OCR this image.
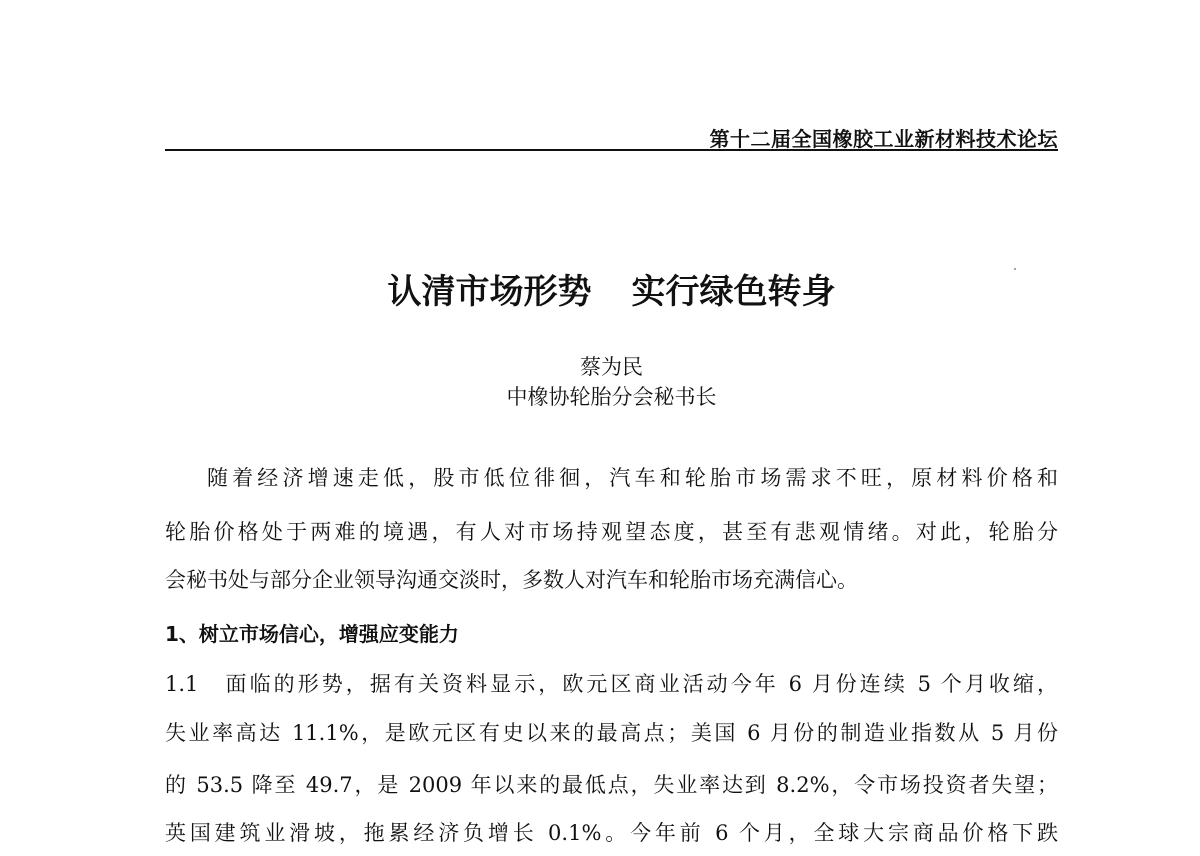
第十二届全国橡胶工业新材料技术论坛
认清市场形势 实行绿色转身
蔡为民
中橡协轮胎分会秘书长
随着经济增速走低，股市低位徘徊，汽车和轮胎市场需求不旺，原材料价格和
轮胎价格处于两难的境遇，有人对市场持观望态度，甚至有悲观情绪。对此，轮胎分
会秘书处与部分企业领导沟通交淡时，多数人对汽车和轮胎市场充满信心。
1、树立市场信心，增强应变能力
1.1　面临的形势，据有关资料显示，欧元区商业活动今年 6 月份连续 5 个月收缩，
失业率高达 11.1%，是欧元区有史以来的最高点；美国 6 月份的制造业指数从 5 月份
的 53.5 降至 49.7，是 2009 年以来的最低点，失业率达到 8.2%，令市场投资者失望；
英国建筑业滑坡，拖累经济负增长 0.1%。今年前 6 个月，全球大宗商品价格下跌
